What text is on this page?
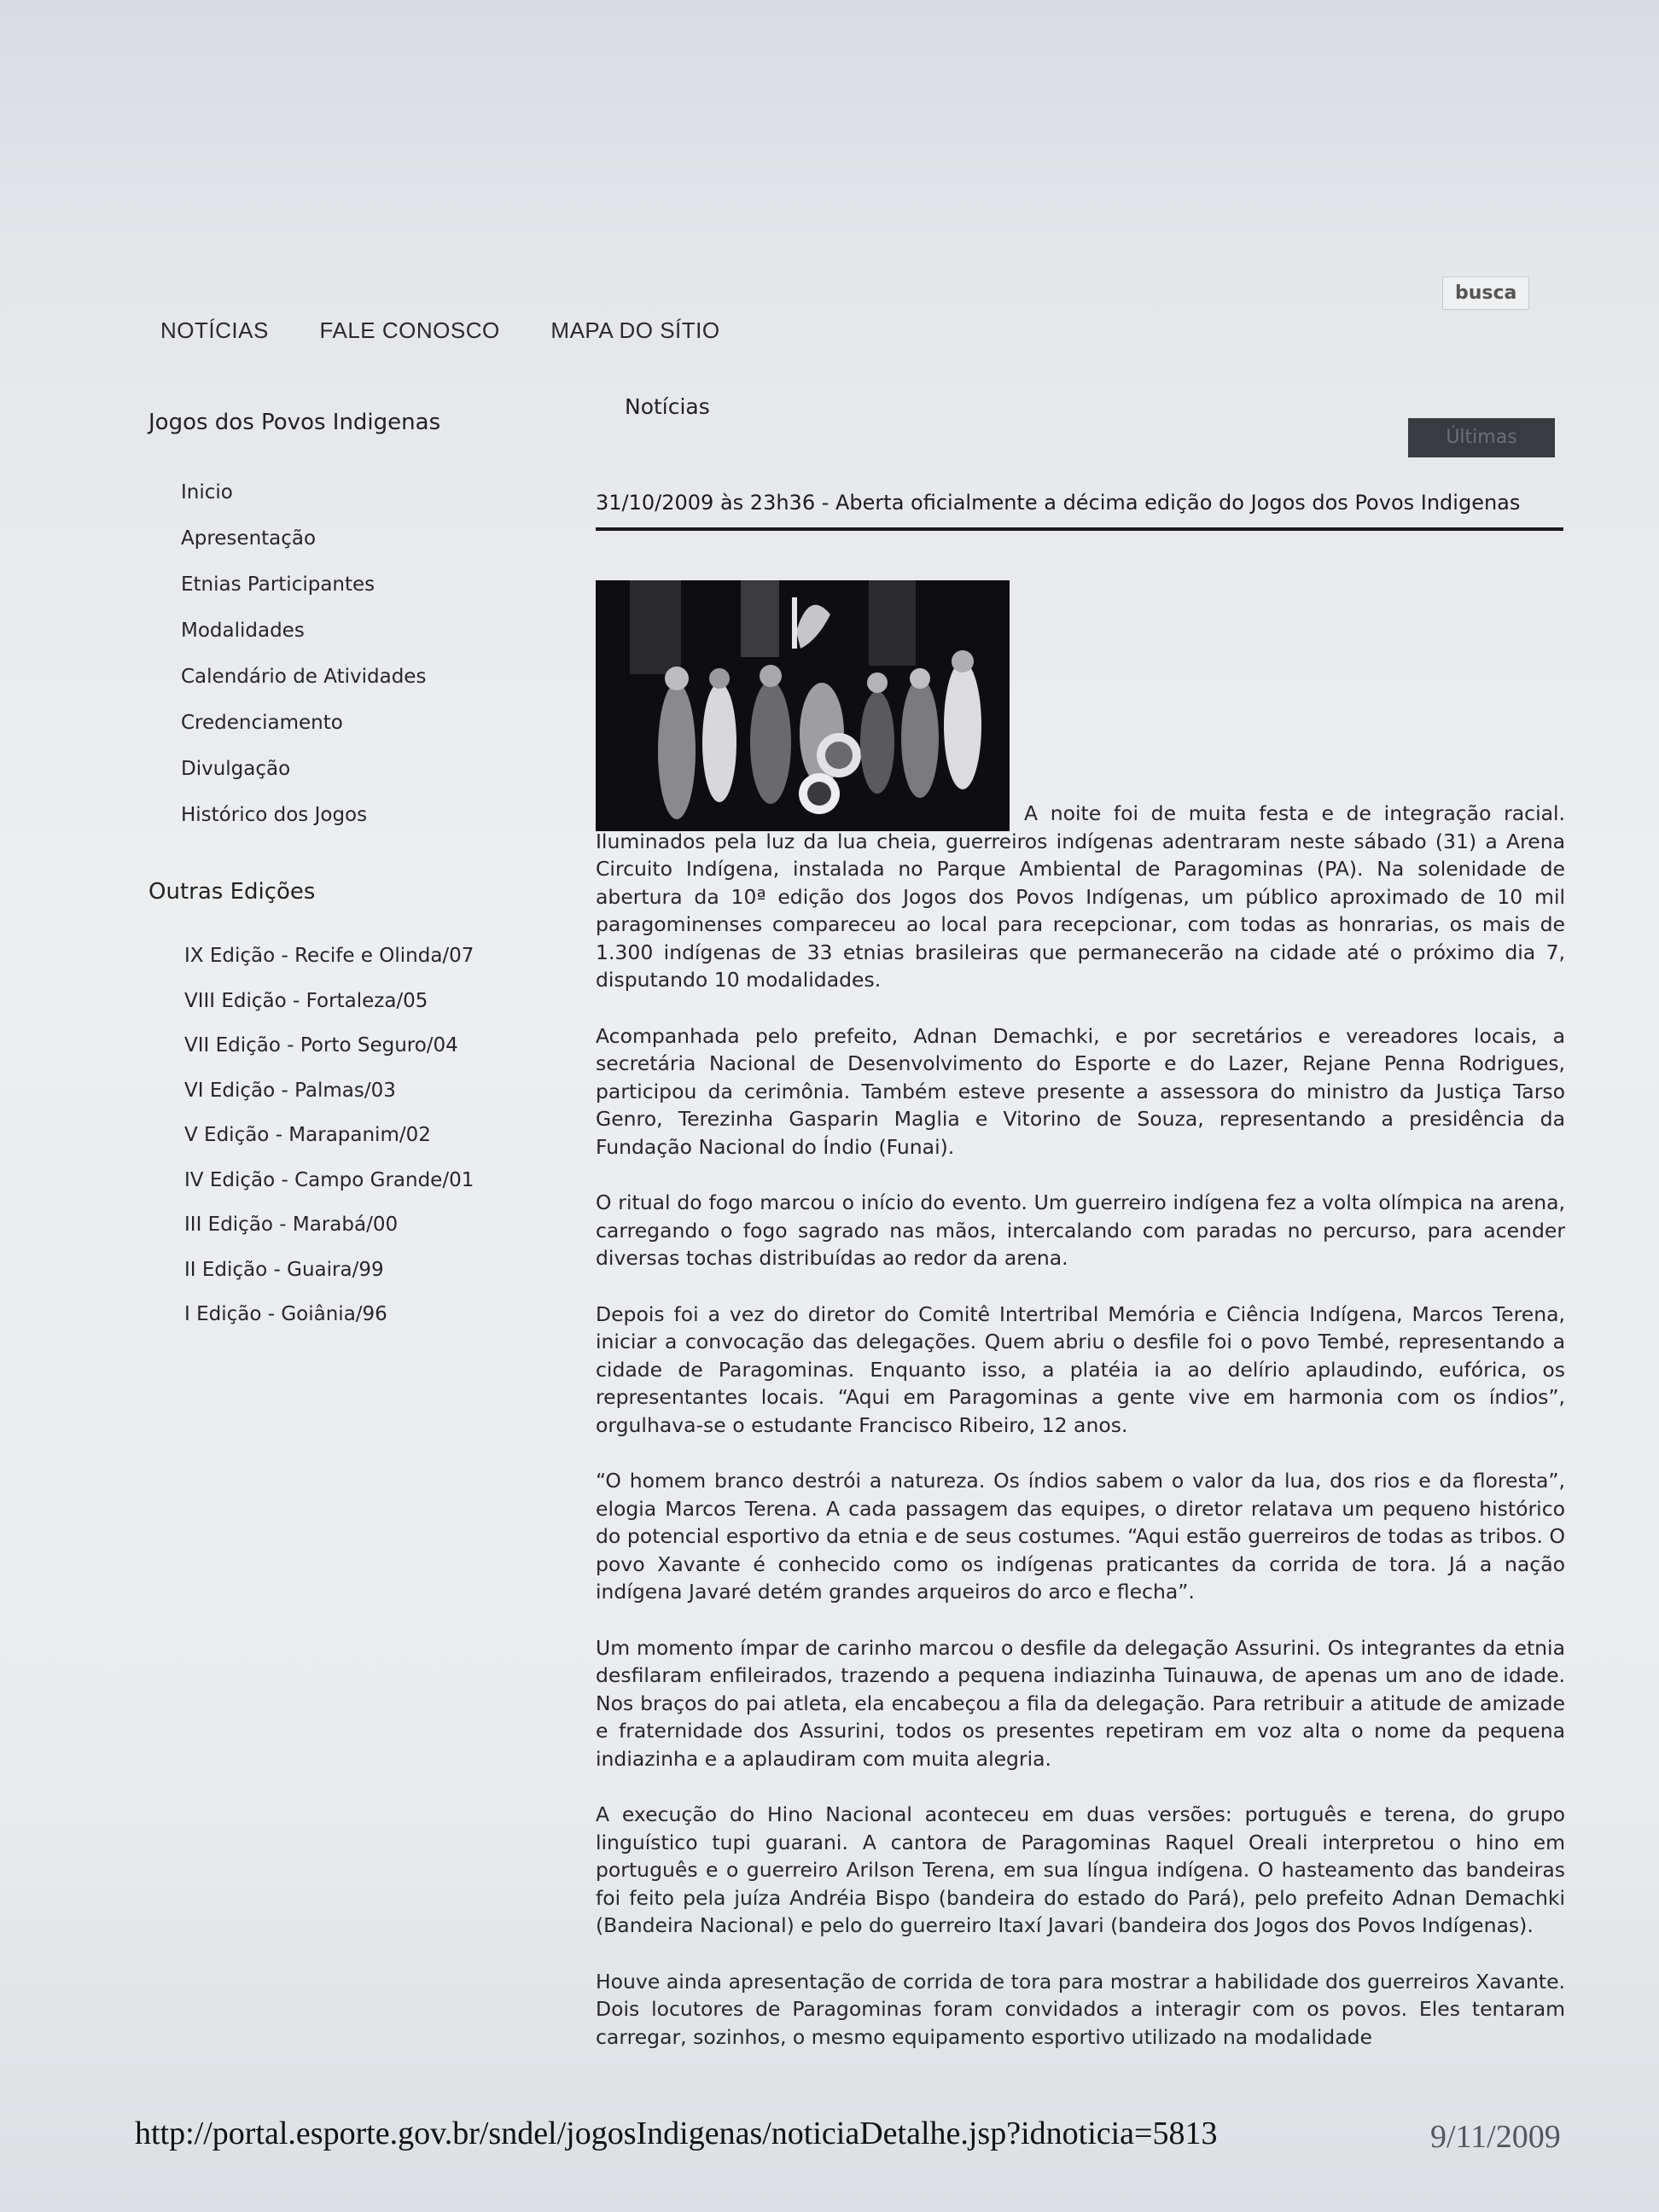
NOTÍCIAS FALE CONOSCO MAPA DO SÍTIO
busca
Jogos dos Povos Indigenas
Inicio
Apresentação
Etnias Participantes
Modalidades
Calendário de Atividades
Credenciamento
Divulgação
Histórico dos Jogos
Outras Edições
IX Edição - Recife e Olinda/07
VIII Edição - Fortaleza/05
VII Edição - Porto Seguro/04
VI Edição - Palmas/03
V Edição - Marapanim/02
IV Edição - Campo Grande/01
III Edição - Marabá/00
II Edição - Guaira/99
I Edição - Goiânia/96
Notícias
Últimas
31/10/2009 às 23h36 - Aberta oficialmente a décima edição do Jogos dos Povos Indigenas

A noite foi de muita festa e de integração racial. Iluminados pela luz da lua cheia, guerreiros indígenas adentraram neste sábado (31) a Arena Circuito Indígena, instalada no Parque Ambiental de Paragominas (PA). Na solenidade de abertura da 10ª edição dos Jogos dos Povos Indígenas, um público aproximado de 10 mil paragominenses compareceu ao local para recepcionar, com todas as honrarias, os mais de 1.300 indígenas de 33 etnias brasileiras que permanecerão na cidade até o próximo dia 7, disputando 10 modalidades.

Acompanhada pelo prefeito, Adnan Demachki, e por secretários e vereadores locais, a secretária Nacional de Desenvolvimento do Esporte e do Lazer, Rejane Penna Rodrigues, participou da cerimônia. Também esteve presente a assessora do ministro da Justiça Tarso Genro, Terezinha Gasparin Maglia e Vitorino de Souza, representando a presidência da Fundação Nacional do Índio (Funai).

O ritual do fogo marcou o início do evento. Um guerreiro indígena fez a volta olímpica na arena, carregando o fogo sagrado nas mãos, intercalando com paradas no percurso, para acender diversas tochas distribuídas ao redor da arena.

Depois foi a vez do diretor do Comitê Intertribal Memória e Ciência Indígena, Marcos Terena, iniciar a convocação das delegações. Quem abriu o desfile foi o povo Tembé, representando a cidade de Paragominas. Enquanto isso, a platéia ia ao delírio aplaudindo, eufórica, os representantes locais. “Aqui em Paragominas a gente vive em harmonia com os índios”, orgulhava-se o estudante Francisco Ribeiro, 12 anos.

“O homem branco destrói a natureza. Os índios sabem o valor da lua, dos rios e da floresta”, elogia Marcos Terena. A cada passagem das equipes, o diretor relatava um pequeno histórico do potencial esportivo da etnia e de seus costumes. “Aqui estão guerreiros de todas as tribos. O povo Xavante é conhecido como os indígenas praticantes da corrida de tora. Já a nação indígena Javaré detém grandes arqueiros do arco e flecha”.

Um momento ímpar de carinho marcou o desfile da delegação Assurini. Os integrantes da etnia desfilaram enfileirados, trazendo a pequena indiazinha Tuinauwa, de apenas um ano de idade. Nos braços do pai atleta, ela encabeçou a fila da delegação. Para retribuir a atitude de amizade e fraternidade dos Assurini, todos os presentes repetiram em voz alta o nome da pequena indiazinha e a aplaudiram com muita alegria.

A execução do Hino Nacional aconteceu em duas versões: português e terena, do grupo linguístico tupi guarani. A cantora de Paragominas Raquel Oreali interpretou o hino em português e o guerreiro Arilson Terena, em sua língua indígena. O hasteamento das bandeiras foi feito pela juíza Andréia Bispo (bandeira do estado do Pará), pelo prefeito Adnan Demachki (Bandeira Nacional) e pelo do guerreiro Itaxí Javari (bandeira dos Jogos dos Povos Indígenas).

Houve ainda apresentação de corrida de tora para mostrar a habilidade dos guerreiros Xavante. Dois locutores de Paragominas foram convidados a interagir com os povos. Eles tentaram carregar, sozinhos, o mesmo equipamento esportivo utilizado na modalidade

http://portal.esporte.gov.br/sndel/jogosIndigenas/noticiaDetalhe.jsp?idnoticia=5813	9/11/2009
